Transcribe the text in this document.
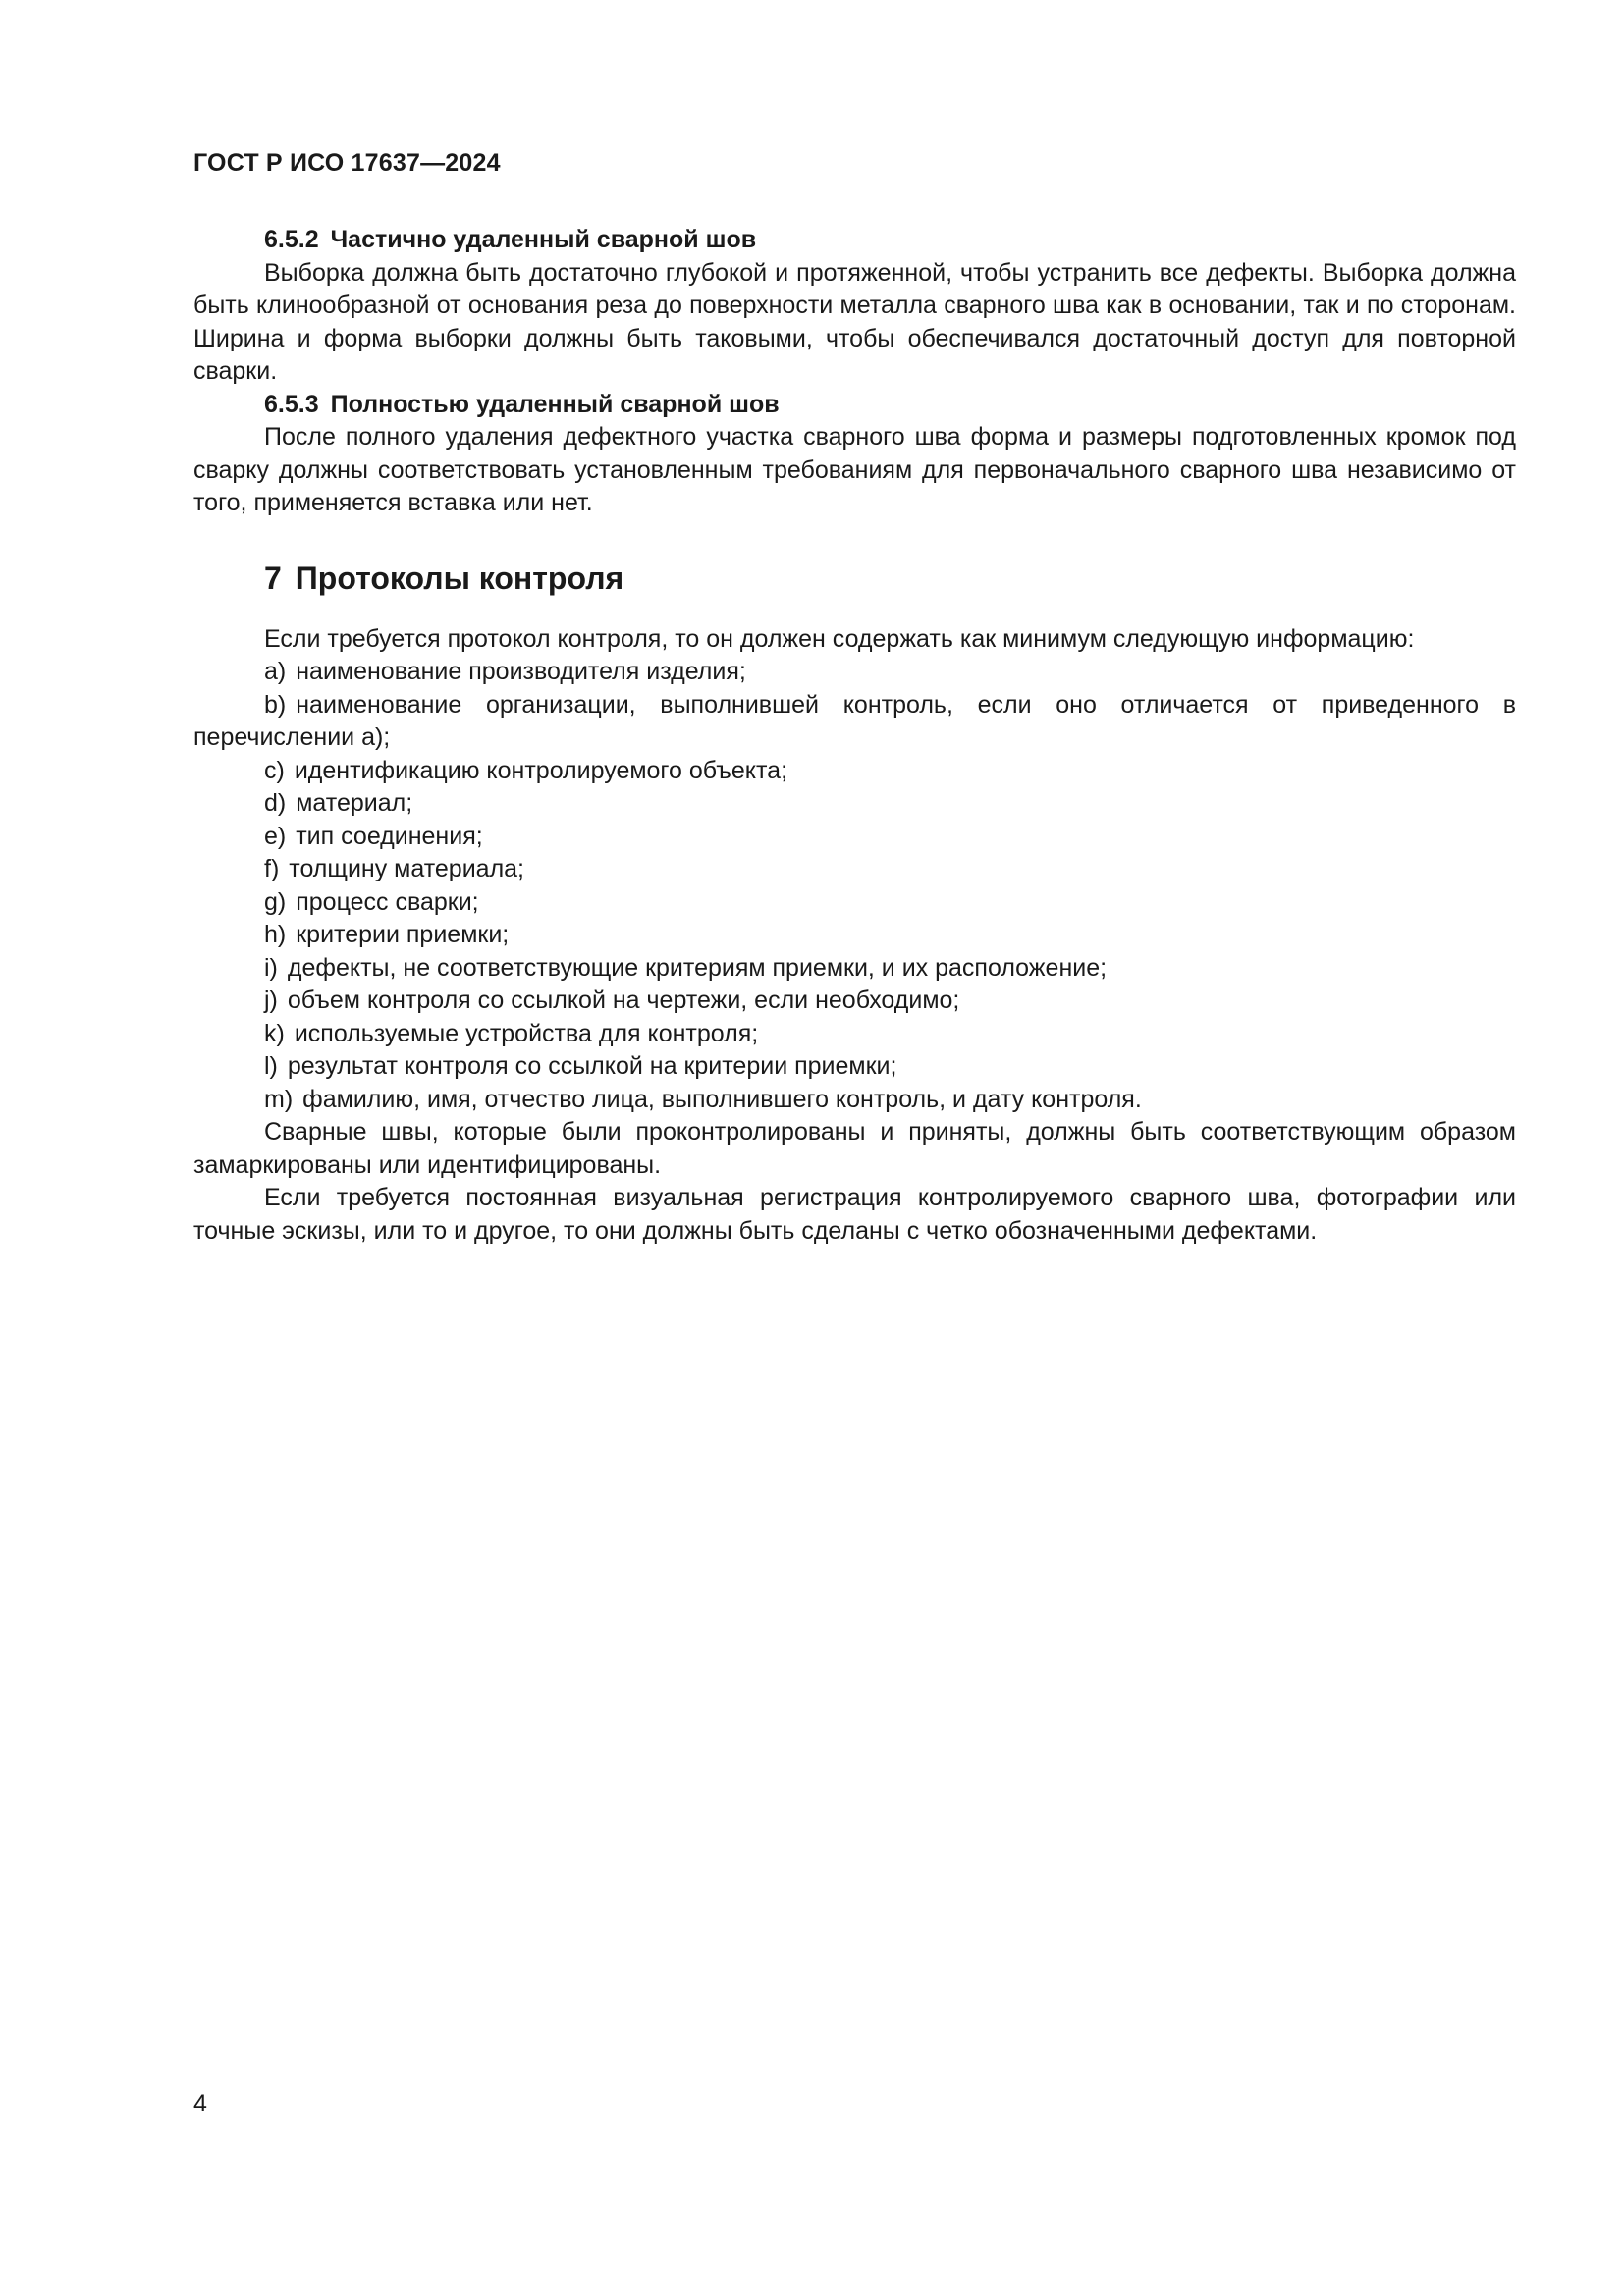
ГОСТ Р ИСО 17637—2024

6.5.2 Частично удаленный сварной шов

Выборка должна быть достаточно глубокой и протяженной, чтобы устранить все дефекты. Выборка должна быть клинообразной от основания реза до поверхности металла сварного шва как в основании, так и по сторонам. Ширина и форма выборки должны быть таковыми, чтобы обеспечивался достаточный доступ для повторной сварки.

6.5.3 Полностью удаленный сварной шов

После полного удаления дефектного участка сварного шва форма и размеры подготовленных кромок под сварку должны соответствовать установленным требованиям для первоначального сварного шва независимо от того, применяется вставка или нет.

7 Протоколы контроля

Если требуется протокол контроля, то он должен содержать как минимум следующую информацию:

a) наименование производителя изделия;

b) наименование организации, выполнившей контроль, если оно отличается от приведенного в перечислении а);

c) идентификацию контролируемого объекта;

d) материал;

e) тип соединения;

f) толщину материала;

g) процесс сварки;

h) критерии приемки;

i) дефекты, не соответствующие критериям приемки, и их расположение;

j) объем контроля со ссылкой на чертежи, если необходимо;

k) используемые устройства для контроля;

l) результат контроля со ссылкой на критерии приемки;

m) фамилию, имя, отчество лица, выполнившего контроль, и дату контроля.

Сварные швы, которые были проконтролированы и приняты, должны быть соответствующим образом замаркированы или идентифицированы.

Если требуется постоянная визуальная регистрация контролируемого сварного шва, фотографии или точные эскизы, или то и другое, то они должны быть сделаны с четко обозначенными дефектами.

4
